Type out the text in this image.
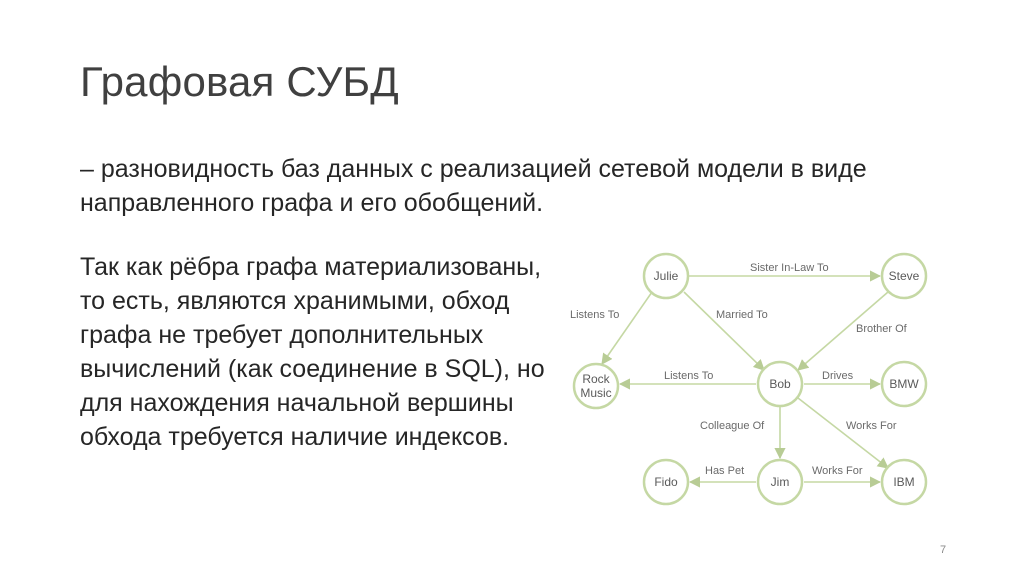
Графовая СУБД
– разновидность баз данных с реализацией сетевой модели в виде направленного графа и его обобщений.
Так как рёбра графа материализованы, то есть, являются хранимыми, обход графа не требует дополнительных вычислений (как соединение в SQL), но для нахождения начальной вершины обхода требуется наличие индексов.
Sister In-Law To
Listens To	Married To
Brother Of
Listens To	Drives
Works For
Colleague Of
Has Pet	Works For
Julie	Steve
Rock
Music
Bob	BMW
Fido	Jim	IBM
7
